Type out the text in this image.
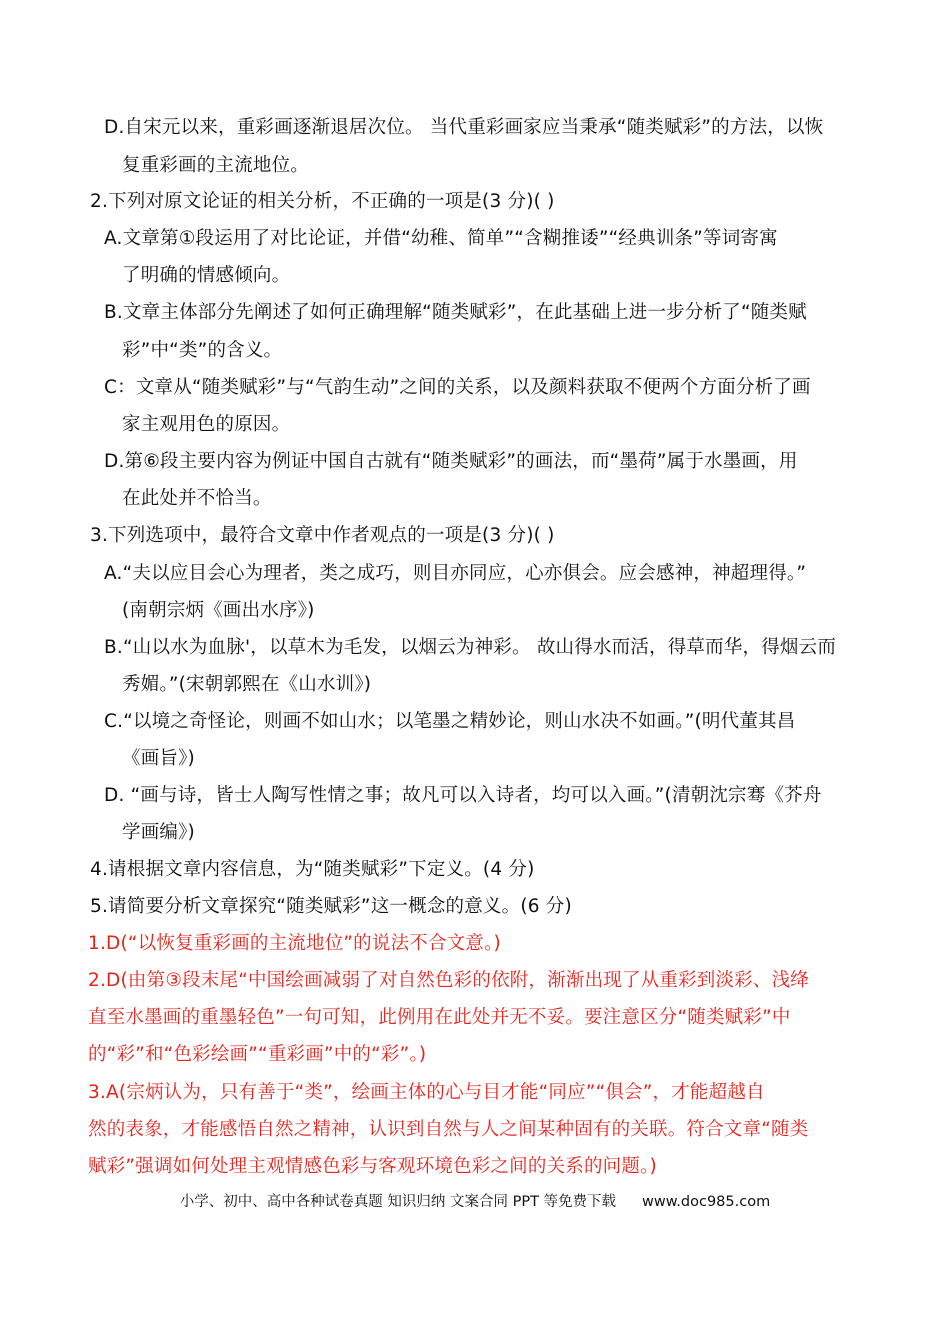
D.自宋元以来，重彩画逐渐退居次位。 当代重彩画家应当秉承“随类赋彩”的方法，以恢
复重彩画的主流地位。
2.下列对原文论证的相关分析，不正确的一项是(3 分)( )
A.文章第①段运用了对比论证，并借“幼稚、简单”“含糊推诿”“经典训条”等词寄寓
了明确的情感倾向。
B.文章主体部分先阐述了如何正确理解“随类赋彩”，在此基础上进一步分析了“随类赋
彩”中“类”的含义。
C：文章从“随类赋彩”与“气韵生动”之间的关系，以及颜料获取不便两个方面分析了画
家主观用色的原因。
D.第⑥段主要内容为例证中国自古就有“随类赋彩”的画法，而“墨荷”属于水墨画，用
在此处并不恰当。
3.下列选项中，最符合文章中作者观点的一项是(3 分)( )
A.“夫以应目会心为理者，类之成巧，则目亦同应，心亦俱会。应会感神，神超理得。”
(南朝宗炳《画出水序》)
B.“山以水为血脉'，以草木为毛发，以烟云为神彩。 故山得水而活，得草而华，得烟云而
秀媚。”(宋朝郭熙在《山水训》)
C.“以境之奇怪论，则画不如山水；以笔墨之精妙论，则山水决不如画。”(明代董其昌
《画旨》)
D. “画与诗，皆士人陶写性情之事；故凡可以入诗者，均可以入画。”(清朝沈宗骞《芥舟
学画编》)
4.请根据文章内容信息，为“随类赋彩”下定义。(4 分)
5.请简要分析文章探究“随类赋彩”这一概念的意义。(6 分)
1.D(“以恢复重彩画的主流地位”的说法不合文意。)
2.D(由第③段末尾“中国绘画减弱了对自然色彩的依附，渐渐出现了从重彩到淡彩、浅绛
直至水墨画的重墨轻色”一句可知，此例用在此处并无不妥。要注意区分“随类赋彩”中
的“彩”和“色彩绘画”“重彩画”中的“彩”。)
3.A(宗炳认为，只有善于“类”，绘画主体的心与目才能“同应”“俱会”，才能超越自
然的表象，才能感悟自然之精神，认识到自然与人之间某种固有的关联。符合文章“随类
赋彩”强调如何处理主观情感色彩与客观环境色彩之间的关系的问题。)
小学、初中、高中各种试卷真题 知识归纳 文案合同 PPT 等免费下载 www.doc985.com
